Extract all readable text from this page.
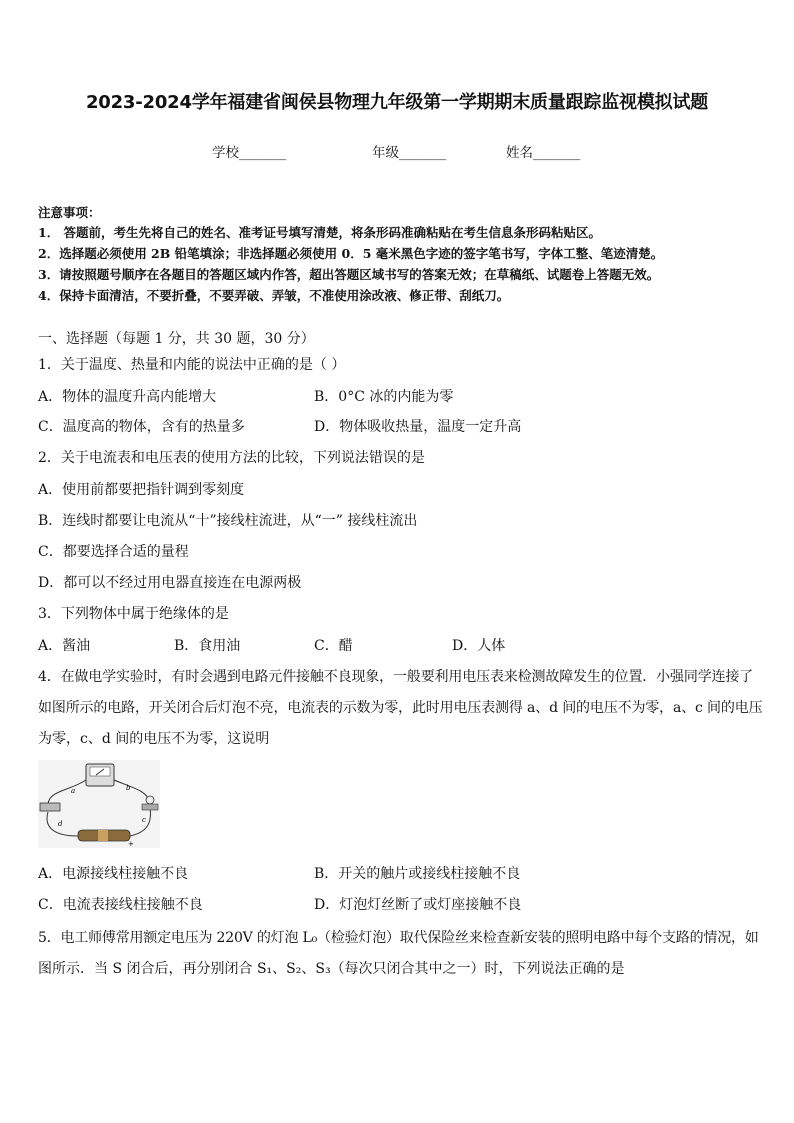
2023-2024学年福建省闽侯县物理九年级第一学期期末质量跟踪监视模拟试题
学校_______	年级_______	姓名_______
注意事项：
1． 答题前，考生先将自己的姓名、准考证号填写清楚，将条形码准确粘贴在考生信息条形码粘贴区。
2．选择题必须使用 2B 铅笔填涂；非选择题必须使用 0．5 毫米黑色字迹的签字笔书写，字体工整、笔迹清楚。
3．请按照题号顺序在各题目的答题区域内作答，超出答题区域书写的答案无效；在草稿纸、试题卷上答题无效。
4．保持卡面清洁，不要折叠，不要弄破、弄皱，不准使用涂改液、修正带、刮纸刀。
一、选择题（每题 1 分，共 30 题，30 分）
1．关于温度、热量和内能的说法中正确的是（ ）
A．物体的温度升高内能增大	B．0°C 冰的内能为零
C．温度高的物体，含有的热量多	D．物体吸收热量，温度一定升高
2．关于电流表和电压表的使用方法的比较，下列说法错误的是
A．使用前都要把指针调到零刻度
B．连线时都要让电流从“十”接线柱流进，从“一” 接线柱流出
C．都要选择合适的量程
D．都可以不经过用电器直接连在电源两极
3．下列物体中属于绝缘体的是
A．酱油	B．食用油	C．醋	D．人体
4．在做电学实验时，有时会遇到电路元件接触不良现象，一般要利用电压表来检测故障发生的位置．小强同学连接了
如图所示的电路，开关闭合后灯泡不亮，电流表的示数为零，此时用电压表测得 a、d 间的电压不为零，a、c 间的电压
为零，c、d 间的电压不为零，这说明
a	b
c
d
+
A．电源接线柱接触不良	B．开关的触片或接线柱接触不良
C．电流表接线柱接触不良	D．灯泡灯丝断了或灯座接触不良
5．电工师傅常用额定电压为 220V 的灯泡 L₀（检验灯泡）取代保险丝来检查新安装的照明电路中每个支路的情况，如
图所示．当 S 闭合后，再分别闭合 S₁、S₂、S₃（每次只闭合其中之一）时，下列说法正确的是
